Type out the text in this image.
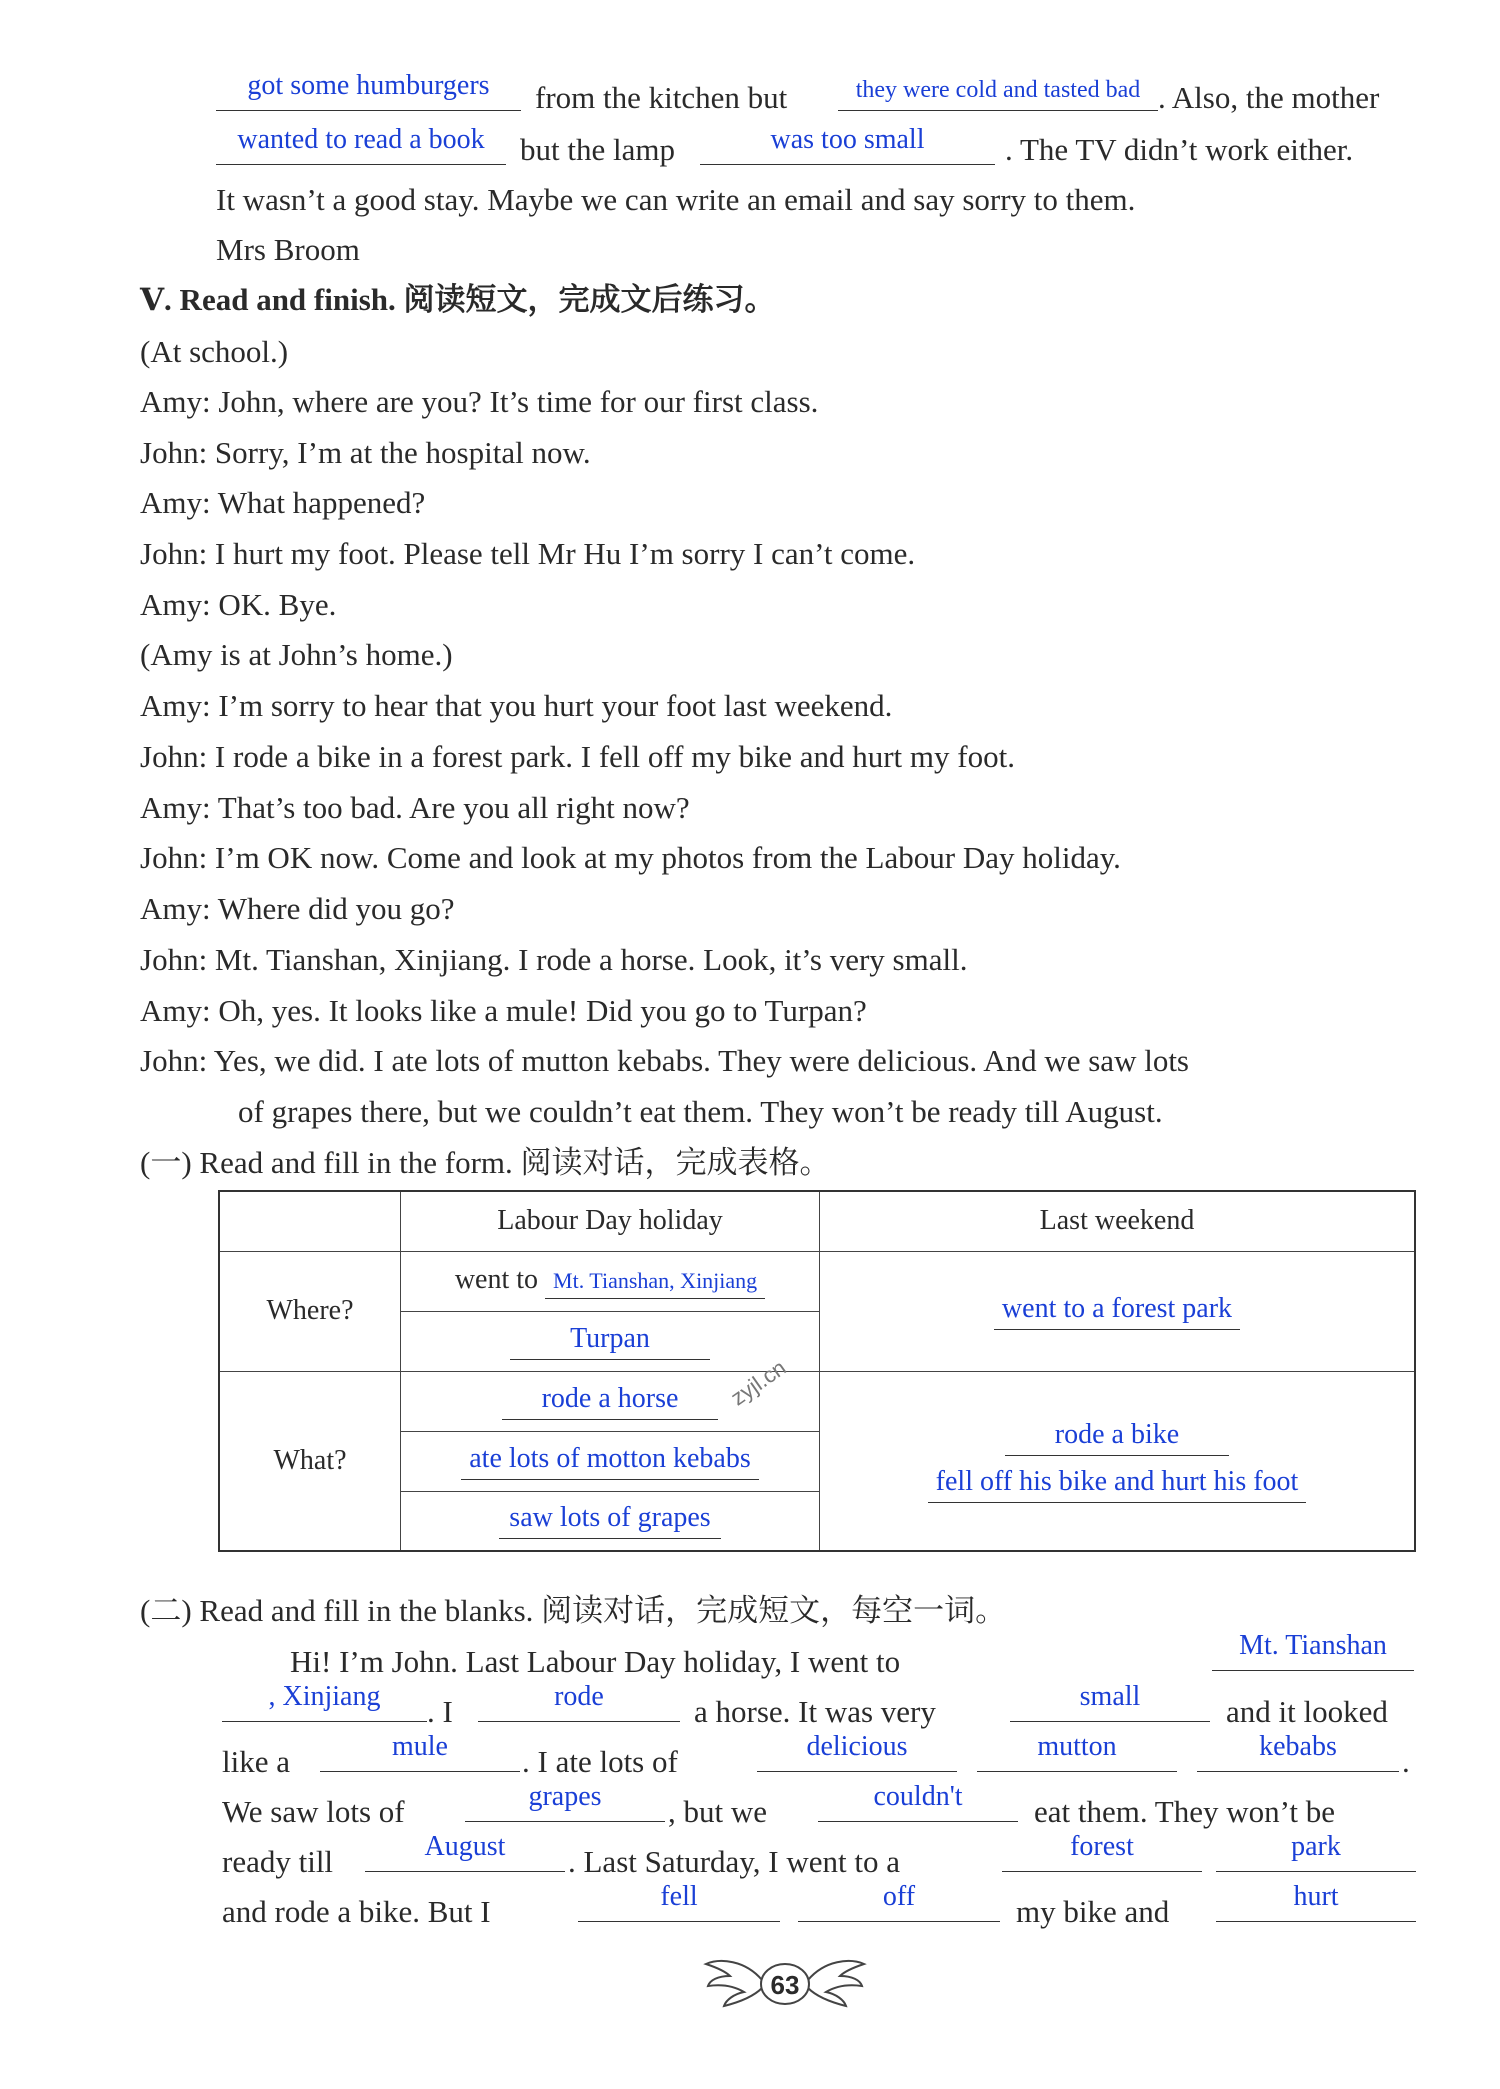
got some humburgers	from the kitchen but	they were cold and tasted bad . Also, the mother
wanted to read a book	but the lamp	was too small	. The TV didn’t work either.
It wasn’t a good stay. Maybe we can write an email and say sorry to them.
Mrs Broom
Ⅴ. Read and finish. 阅读短文，完成文后练习。
(At school.)
Amy: John, where are you? It’s time for our first class.
John: Sorry, I’m at the hospital now.
Amy: What happened?
John: I hurt my foot. Please tell Mr Hu I’m sorry I can’t come.
Amy: OK. Bye.
(Amy is at John’s home.)
Amy: I’m sorry to hear that you hurt your foot last weekend.
John: I rode a bike in a forest park. I fell off my bike and hurt my foot.
Amy: That’s too bad. Are you all right now?
John: I’m OK now. Come and look at my photos from the Labour Day holiday.
Amy: Where did you go?
John: Mt. Tianshan, Xinjiang. I rode a horse. Look, it’s very small.
Amy: Oh, yes. It looks like a mule! Did you go to Turpan?
John: Yes, we did. I ate lots of mutton kebabs. They were delicious. And we saw lots
of grapes there, but we couldn’t eat them. They won’t be ready till August.
(一) Read and fill in the form. 阅读对话，完成表格。
	Labour Day holiday	Last weekend
Where?	went to Mt. Tianshan, Xinjiang	went to a forest park
	Turpan	
What?	rode a horse	rode a bike
fell off his bike and hurt his foot

	ate lots of motton kebabs	
	saw lots of grapes	
zyjl.cn
(二) Read and fill in the blanks. 阅读对话，完成短文，每空一词。
Hi! I’m John. Last Labour Day holiday, I went to	Mt. Tianshan
, Xinjiang	. I	rode	a horse. It was very	small	and it looked
like a	mule	. I ate lots of	delicious	mutton	kebabs	.
We saw lots of	grapes	, but we	couldn't	eat them. They won’t be
ready till	August	. Last Saturday, I went to a	forest	park
and rode a bike. But I	fell	off	my bike and	hurt
63
